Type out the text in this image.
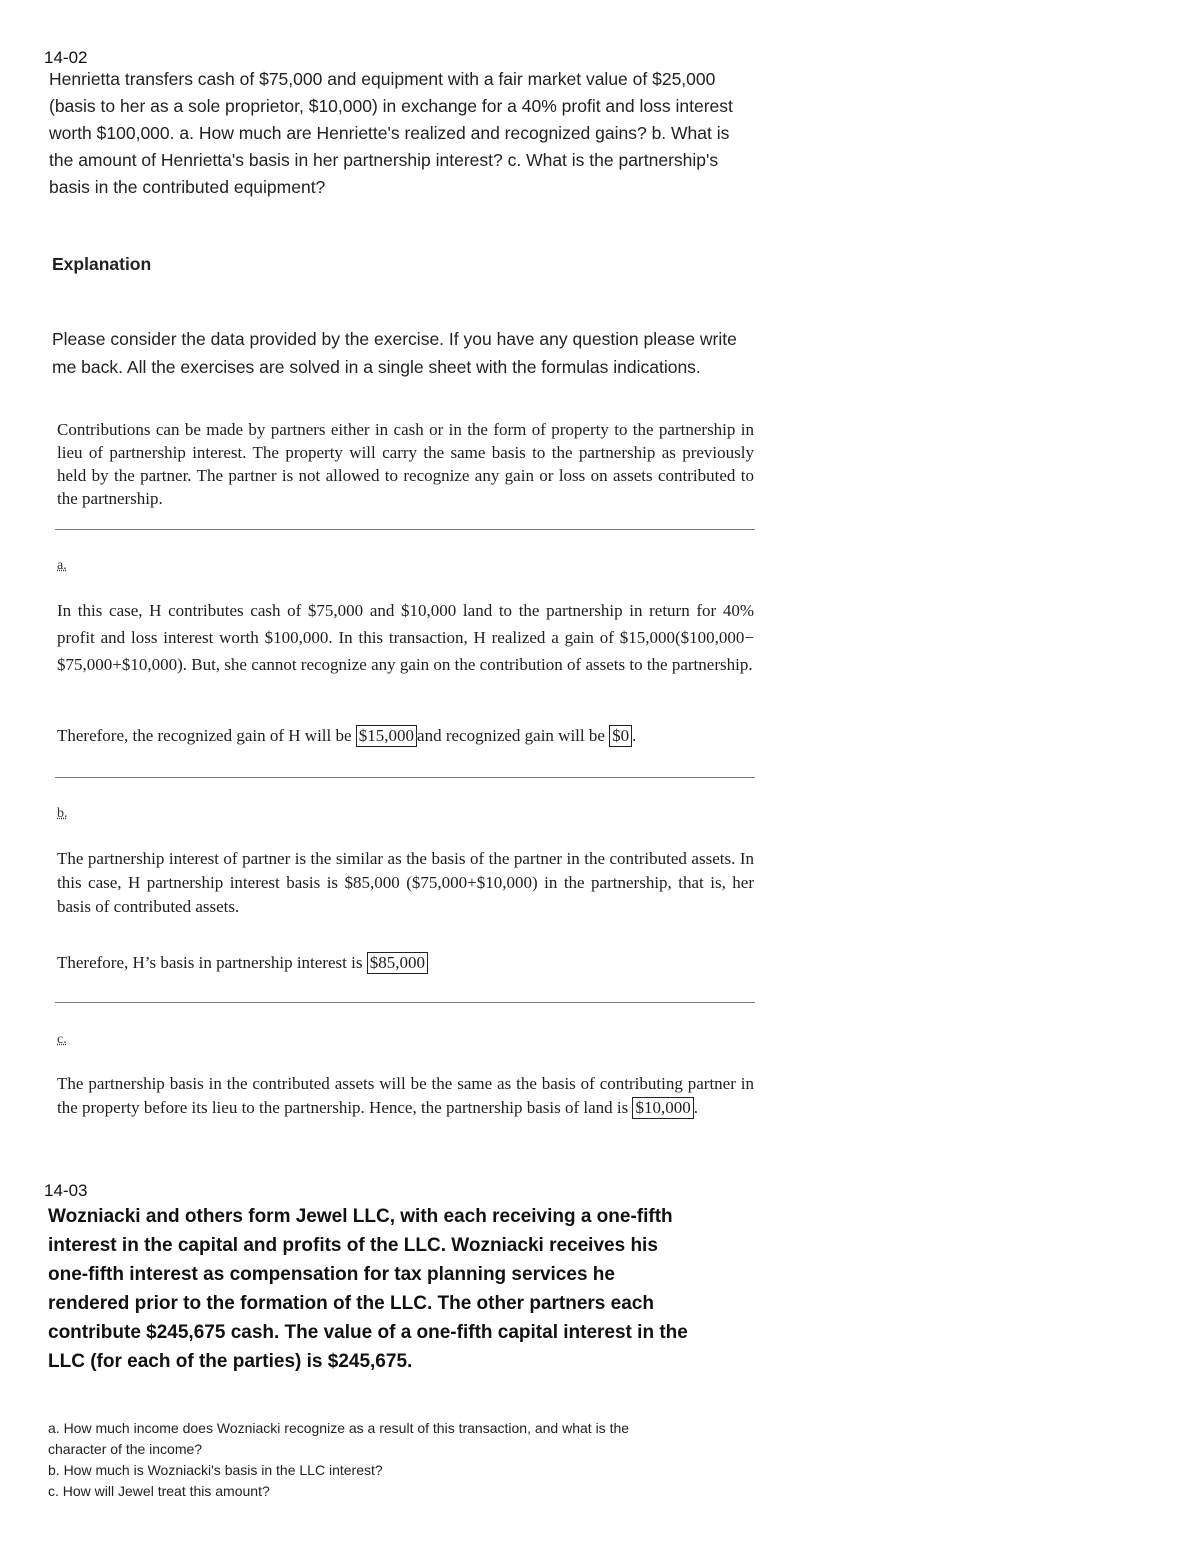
14-02
Henrietta transfers cash of $75,000 and equipment with a fair market value of $25,000 (basis to her as a sole proprietor, $10,000) in exchange for a 40% profit and loss interest worth $100,000. a. How much are Henriette's realized and recognized gains? b. What is the amount of Henrietta's basis in her partnership interest? c. What is the partnership's basis in the contributed equipment?
Explanation
Please consider the data provided by the exercise. If you have any question please write me back. All the exercises are solved in a single sheet with the formulas indications.
Contributions can be made by partners either in cash or in the form of property to the partnership in lieu of partnership interest. The property will carry the same basis to the partnership as previously held by the partner. The partner is not allowed to recognize any gain or loss on assets contributed to the partnership.
a.
In this case, H contributes cash of $75,000 and $10,000 land to the partnership in return for 40% profit and loss interest worth $100,000. In this transaction, H realized a gain of $15,000($100,000−$75,000+$10,000). But, she cannot recognize any gain on the contribution of assets to the partnership.
Therefore, the recognized gain of H will be $15,000 and recognized gain will be $0 .
b.
The partnership interest of partner is the similar as the basis of the partner in the contributed assets. In this case, H partnership interest basis is $85,000 ($75,000+$10,000) in the partnership, that is, her basis of contributed assets.
Therefore, H’s basis in partnership interest is $85,000
c.
The partnership basis in the contributed assets will be the same as the basis of contributing partner in the property before its lieu to the partnership. Hence, the partnership basis of land is $10,000 .
14-03
Wozniacki and others form Jewel LLC, with each receiving a one-fifth interest in the capital and profits of the LLC. Wozniacki receives his one-fifth interest as compensation for tax planning services he rendered prior to the formation of the LLC. The other partners each contribute $245,675 cash. The value of a one-fifth capital interest in the LLC (for each of the parties) is $245,675.
a. How much income does Wozniacki recognize as a result of this transaction, and what is the character of the income?
b. How much is Wozniacki's basis in the LLC interest?
c. How will Jewel treat this amount?
